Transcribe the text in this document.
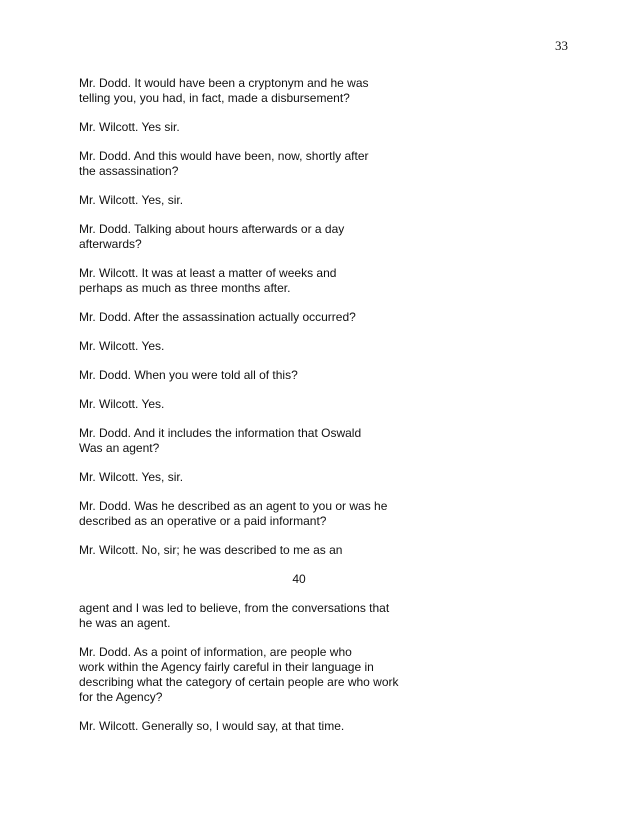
33

Mr. Dodd. It would have been a cryptonym and he was
telling you, you had, in fact, made a disbursement?

Mr. Wilcott. Yes sir.

Mr. Dodd. And this would have been, now, shortly after
the assassination?

Mr. Wilcott. Yes, sir.

Mr. Dodd. Talking about hours afterwards or a day
afterwards?

Mr. Wilcott. It was at least a matter of weeks and
perhaps as much as three months after.

Mr. Dodd. After the assassination actually occurred?

Mr. Wilcott. Yes.

Mr. Dodd. When you were told all of this?

Mr. Wilcott. Yes.

Mr. Dodd. And it includes the information that Oswald
Was an agent?

Mr. Wilcott. Yes, sir.

Mr. Dodd. Was he described as an agent to you or was he
described as an operative or a paid informant?

Mr. Wilcott. No, sir; he was described to me as an

40

agent and I was led to believe, from the conversations that
he was an agent.

Mr. Dodd. As a point of information, are people who
work within the Agency fairly careful in their language in
describing what the category of certain people are who work
for the Agency?

Mr. Wilcott. Generally so, I would say, at that time.
